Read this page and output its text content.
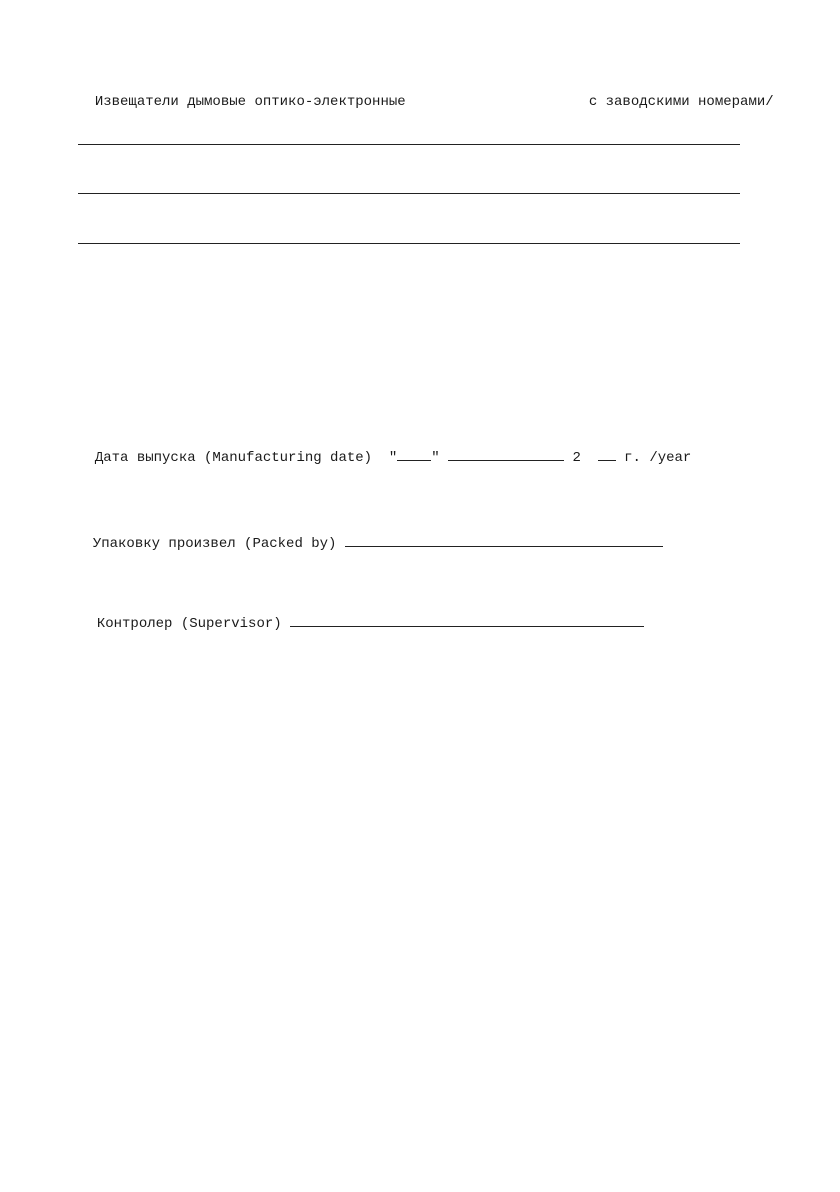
Извещатели дымовые оптико-электронные	с заводскими номерами/

Дата выпуска (Manufacturing date) " "	2	г. /year

Упаковку произвел (Packed by)

Контролер (Supervisor)
